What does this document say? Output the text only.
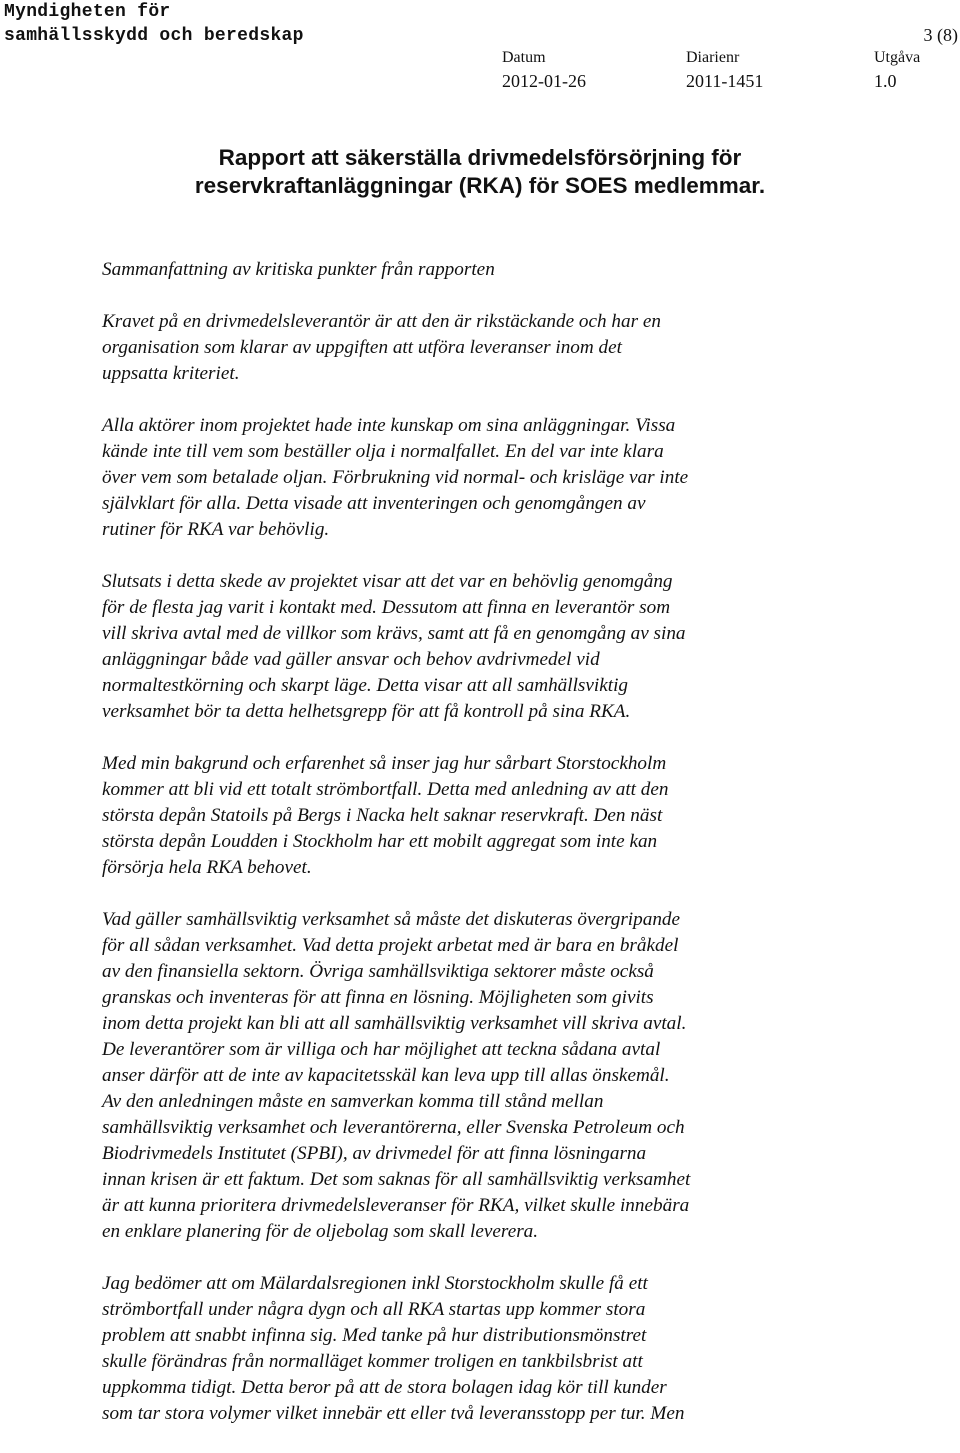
Myndigheten för
samhällsskydd och beredskap	3 (8)
Datum
2012-01-26
Diarienr
2011-1451
Utgåva
1.0
Rapport att säkerställa drivmedelsförsörjning för
reservkraftanläggningar (RKA) för SOES medlemmar.

Sammanfattning av kritiska punkter från rapporten

Kravet på en drivmedelsleverantör är att den är rikstäckande och har en
organisation som klarar av uppgiften att utföra leveranser inom det
uppsatta kriteriet.

Alla aktörer inom projektet hade inte kunskap om sina anläggningar. Vissa
kände inte till vem som beställer olja i normalfallet. En del var inte klara
över vem som betalade oljan. Förbrukning vid normal- och krisläge var inte
självklart för alla. Detta visade att inventeringen och genomgången av
rutiner för RKA var behövlig.

Slutsats i detta skede av projektet visar att det var en behövlig genomgång
för de flesta jag varit i kontakt med. Dessutom att finna en leverantör som
vill skriva avtal med de villkor som krävs, samt att få en genomgång av sina
anläggningar både vad gäller ansvar och behov avdrivmedel vid
normaltestkörning och skarpt läge. Detta visar att all samhällsviktig
verksamhet bör ta detta helhetsgrepp för att få kontroll på sina RKA.

Med min bakgrund och erfarenhet så inser jag hur sårbart Storstockholm
kommer att bli vid ett totalt strömbortfall. Detta med anledning av att den
största depån Statoils på Bergs i Nacka helt saknar reservkraft. Den näst
största depån Loudden i Stockholm har ett mobilt aggregat som inte kan
försörja hela RKA behovet.

Vad gäller samhällsviktig verksamhet så måste det diskuteras övergripande
för all sådan verksamhet. Vad detta projekt arbetat med är bara en bråkdel
av den finansiella sektorn. Övriga samhällsviktiga sektorer måste också
granskas och inventeras för att finna en lösning. Möjligheten som givits
inom detta projekt kan bli att all samhällsviktig verksamhet vill skriva avtal.
De leverantörer som är villiga och har möjlighet att teckna sådana avtal
anser därför att de inte av kapacitetsskäl kan leva upp till allas önskemål.
Av den anledningen måste en samverkan komma till stånd mellan
samhällsviktig verksamhet och leverantörerna, eller Svenska Petroleum och
Biodrivmedels Institutet (SPBI), av drivmedel för att finna lösningarna
innan krisen är ett faktum. Det som saknas för all samhällsviktig verksamhet
är att kunna prioritera drivmedelsleveranser för RKA, vilket skulle innebära
en enklare planering för de oljebolag som skall leverera.

Jag bedömer att om Mälardalsregionen inkl Storstockholm skulle få ett
strömbortfall under några dygn och all RKA startas upp kommer stora
problem att snabbt infinna sig. Med tanke på hur distributionsmönstret
skulle förändras från normalläget kommer troligen en tankbilsbrist att
uppkomma tidigt. Detta beror på att de stora bolagen idag kör till kunder
som tar stora volymer vilket innebär ett eller två leveransstopp per tur. Men
